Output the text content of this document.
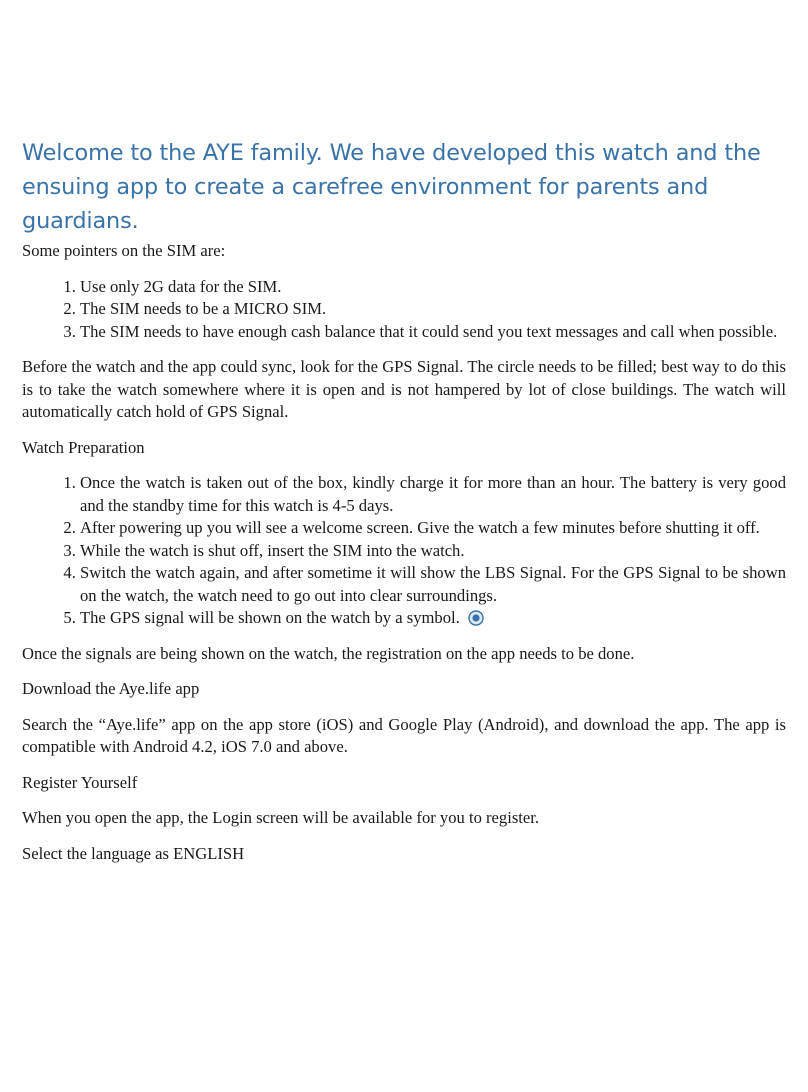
Welcome to the AYE family. We have developed this watch and the ensuing app to create a carefree environment for parents and guardians.

Some pointers on the SIM are:

1. Use only 2G data for the SIM.
2. The SIM needs to be a MICRO SIM.
3. The SIM needs to have enough cash balance that it could send you text messages and call when possible.

Before the watch and the app could sync, look for the GPS Signal. The circle needs to be filled; best way to do this is to take the watch somewhere where it is open and is not hampered by lot of close buildings. The watch will automatically catch hold of GPS Signal.

Watch Preparation

1. Once the watch is taken out of the box, kindly charge it for more than an hour. The battery is very good and the standby time for this watch is 4-5 days.
2. After powering up you will see a welcome screen. Give the watch a few minutes before shutting it off.
3. While the watch is shut off, insert the SIM into the watch.
4. Switch the watch again, and after sometime it will show the LBS Signal. For the GPS Signal to be shown on the watch, the watch need to go out into clear surroundings.
5. The GPS signal will be shown on the watch by a symbol.

Once the signals are being shown on the watch, the registration on the app needs to be done.

Download the Aye.life app

Search the “Aye.life” app on the app store (iOS) and Google Play (Android), and download the app. The app is compatible with Android 4.2, iOS 7.0 and above.

Register Yourself

When you open the app, the Login screen will be available for you to register.

Select the language as ENGLISH
